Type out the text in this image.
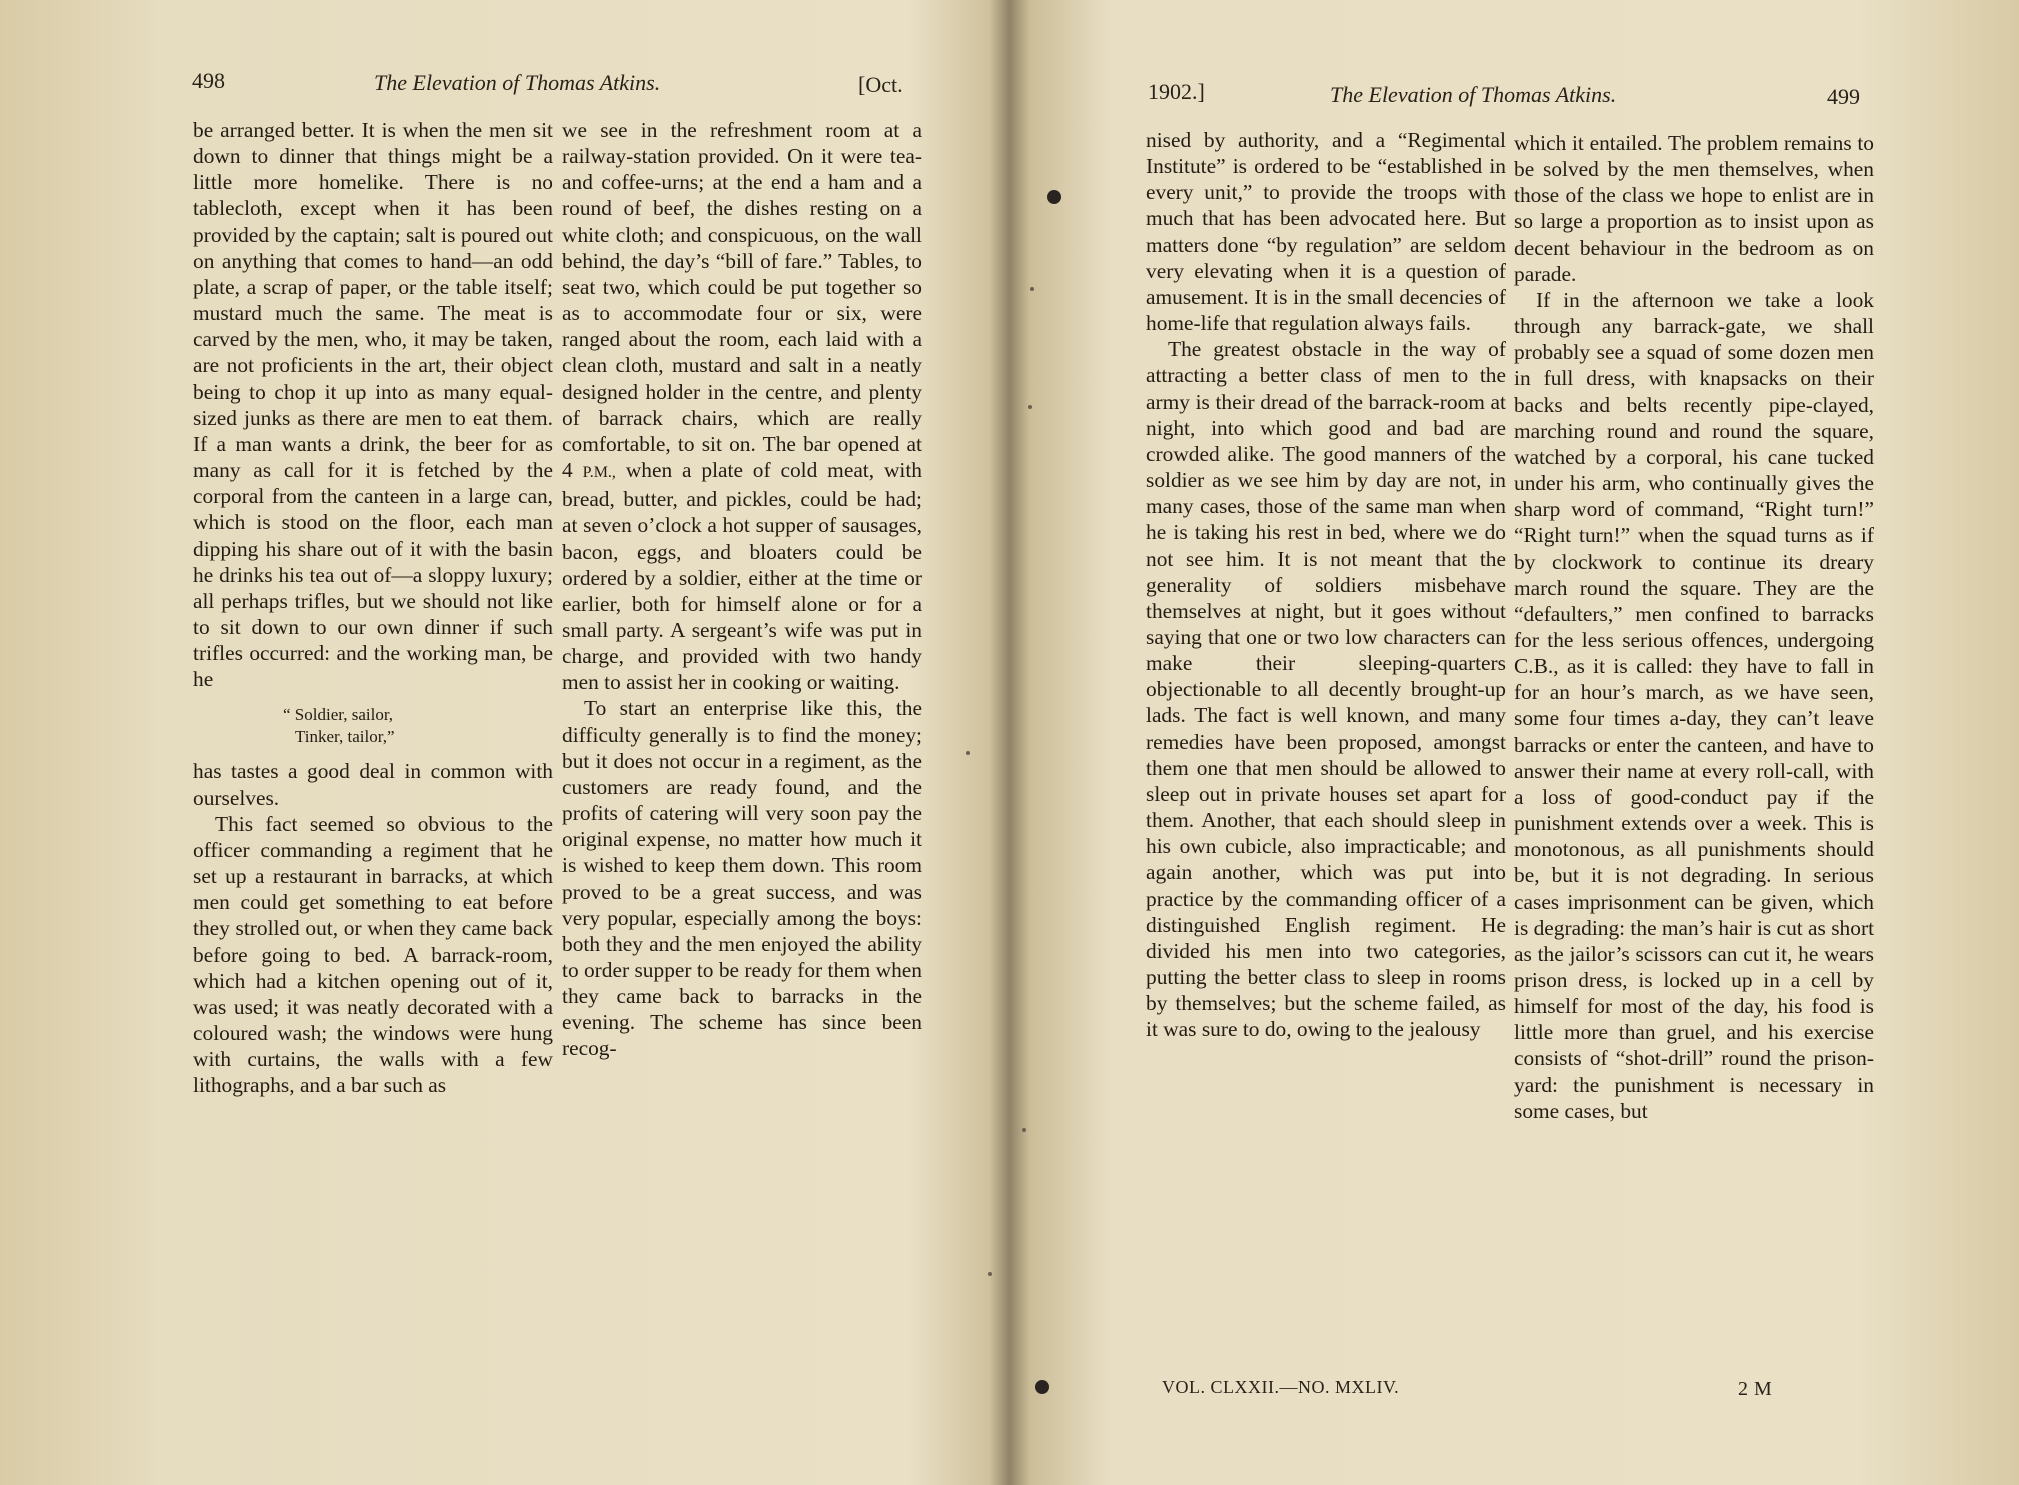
498	The Elevation of Thomas Atkins.	[Oct.

be arranged better. It is when the men sit down to dinner that things might be a little more homelike. There is no tablecloth, except when it has been provided by the captain; salt is poured out on anything that comes to hand—an odd plate, a scrap of paper, or the table itself; mustard much the same. The meat is carved by the men, who, it may be taken, are not proficients in the art, their object being to chop it up into as many equal-sized junks as there are men to eat them. If a man wants a drink, the beer for as many as call for it is fetched by the corporal from the canteen in a large can, which is stood on the floor, each man dipping his share out of it with the basin he drinks his tea out of—a sloppy luxury; all perhaps trifles, but we should not like to sit down to our own dinner if such trifles occurred: and the working man, be he

“ Soldier, sailor,
Tinker, tailor,”

has tastes a good deal in common with ourselves.

This fact seemed so obvious to the officer commanding a regiment that he set up a restaurant in barracks, at which men could get something to eat before they strolled out, or when they came back before going to bed. A barrack-room, which had a kitchen opening out of it, was used; it was neatly decorated with a coloured wash; the windows were hung with curtains, the walls with a few lithographs, and a bar such as

we see in the refreshment room at a railway-station provided. On it were tea- and coffee-urns; at the end a ham and a round of beef, the dishes resting on a white cloth; and conspicuous, on the wall behind, the day’s “bill of fare.” Tables, to seat two, which could be put together so as to accommodate four or six, were ranged about the room, each laid with a clean cloth, mustard and salt in a neatly designed holder in the centre, and plenty of barrack chairs, which are really comfortable, to sit on. The bar opened at 4 P.M., when a plate of cold meat, with bread, butter, and pickles, could be had; at seven o’clock a hot supper of sausages, bacon, eggs, and bloaters could be ordered by a soldier, either at the time or earlier, both for himself alone or for a small party. A sergeant’s wife was put in charge, and provided with two handy men to assist her in cooking or waiting.

To start an enterprise like this, the difficulty generally is to find the money; but it does not occur in a regiment, as the customers are ready found, and the profits of catering will very soon pay the original expense, no matter how much it is wished to keep them down. This room proved to be a great success, and was very popular, especially among the boys: both they and the men enjoyed the ability to order supper to be ready for them when they came back to barracks in the evening. The scheme has since been recog-

1902.]	The Elevation of Thomas Atkins.	499

nised by authority, and a “Regimental Institute” is ordered to be “established in every unit,” to provide the troops with much that has been advocated here. But matters done “by regulation” are seldom very elevating when it is a question of amusement. It is in the small decencies of home-life that regulation always fails.

The greatest obstacle in the way of attracting a better class of men to the army is their dread of the barrack-room at night, into which good and bad are crowded alike. The good manners of the soldier as we see him by day are not, in many cases, those of the same man when he is taking his rest in bed, where we do not see him. It is not meant that the generality of soldiers misbehave themselves at night, but it goes without saying that one or two low characters can make their sleeping-quarters objectionable to all decently brought-up lads. The fact is well known, and many remedies have been proposed, amongst them one that men should be allowed to sleep out in private houses set apart for them. Another, that each should sleep in his own cubicle, also impracticable; and again another, which was put into practice by the commanding officer of a distinguished English regiment. He divided his men into two categories, putting the better class to sleep in rooms by themselves; but the scheme failed, as it was sure to do, owing to the jealousy

which it entailed. The problem remains to be solved by the men themselves, when those of the class we hope to enlist are in so large a proportion as to insist upon as decent behaviour in the bedroom as on parade.

If in the afternoon we take a look through any barrack-gate, we shall probably see a squad of some dozen men in full dress, with knapsacks on their backs and belts recently pipe-clayed, marching round and round the square, watched by a corporal, his cane tucked under his arm, who continually gives the sharp word of command, “Right turn!” “Right turn!” when the squad turns as if by clockwork to continue its dreary march round the square. They are the “defaulters,” men confined to barracks for the less serious offences, undergoing C.B., as it is called: they have to fall in for an hour’s march, as we have seen, some four times a-day, they can’t leave barracks or enter the canteen, and have to answer their name at every roll-call, with a loss of good-conduct pay if the punishment extends over a week. This is monotonous, as all punishments should be, but it is not degrading. In serious cases imprisonment can be given, which is degrading: the man’s hair is cut as short as the jailor’s scissors can cut it, he wears prison dress, is locked up in a cell by himself for most of the day, his food is little more than gruel, and his exercise consists of “shot-drill” round the prison-yard: the punishment is necessary in some cases, but

VOL. CLXXII.—NO. MXLIV.	2 M
